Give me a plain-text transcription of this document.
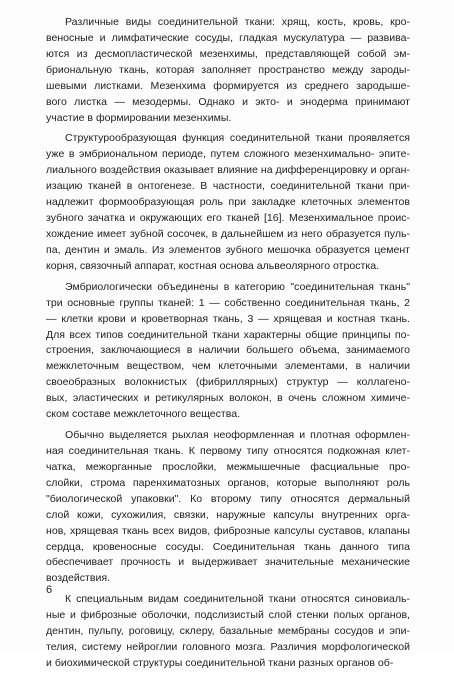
Различные виды соединительной ткани: хрящ, кость, кровь, кро-
веносные и лимфатические сосуды, гладкая мускулатура — развива-
ются из десмопластической мезенхимы, представляющей собой эм-
бриональную ткань, которая заполняет пространство между зароды-
шевыми листками. Мезенхима формируется из среднего зародыше-
вого листка — мезодермы. Однако и экто- и энодерма принимают
участие в формировании мезенхимы.
Структурообразующая функция соединительной ткани проявляется
уже в эмбриональном периоде, путем сложного мезенхимально- эпите-
лиального воздействия оказывает влияние на дифференцировку и орган-
изацию тканей в онтогенезе. В частности, соединительной ткани при-
надлежит формообразующая роль при закладке клеточных элементов
зубного зачатка и окружающих его тканей [16]. Мезенхимальное проис-
хождение имеет зубной сосочек, в дальнейшем из него образуется пуль-
па, дентин и эмаль. Из элементов зубного мешочка образуется цемент
корня, связочный аппарат, костная основа альвеолярного отростка.
Эмбриологически объединены в категорию "соединительная ткань"
три основные группы тканей: 1 — собственно соединительная ткань, 2
— клетки крови и кроветворная ткань, 3 — хрящевая и костная ткань.
Для всех типов соединительной ткани характерны общие принципы по-
строения, заключающиеся в наличии большего объема, занимаемого
межклеточным веществом, чем клеточными элементами, в наличии
своеобразных волокнистых (фибриллярных) структур — коллагено-
вых, эластических и ретикулярных волокон, в очень сложном химиче-
ском составе межклеточного вещества.
Обычно выделяется рыхлая неоформленная и плотная оформлен-
ная соединительная ткань. К первому типу относятся подкожная клет-
чатка, межорганные прослойки, межмышечные фасциальные про-
слойки, строма паренхиматозных органов, которые выполняют роль
"биологической упаковки". Ко второму типу относятся дермальный
слой кожи, сухожилия, связки, наружные капсулы внутренних орга-
нов, хрящевая ткань всех видов, фиброзные капсулы суставов, клапаны
сердца, кровеносные сосуды. Соединительная ткань данного типа
обеспечивает прочность и выдерживает значительные механические
воздействия.
К специальным видам соединительной ткани относятся синовиаль-
ные и фиброзные оболочки, подслизистый слой стенки полых органов,
дентин, пульпу, роговицу, склеру, базальные мембраны сосудов и эпи-
телия, систему нейроглии головного мозга. Различия морфологической
и биохимической структуры соединительной ткани разных органов об-
6
